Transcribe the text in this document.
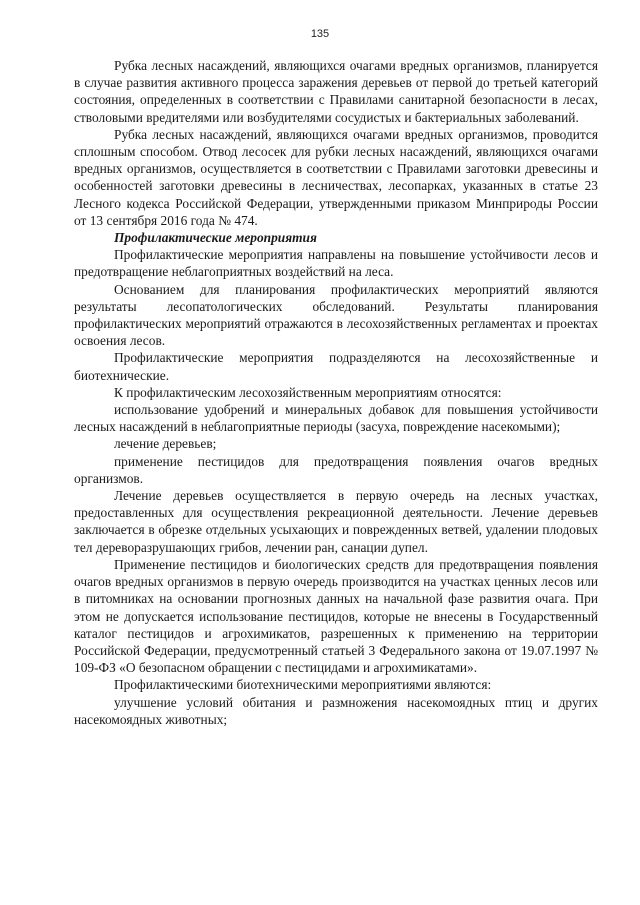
135

Рубка лесных насаждений, являющихся очагами вредных организмов, планируется в случае развития активного процесса заражения деревьев от первой до третьей категорий состояния, определенных в соответствии с Правилами санитарной безопасности в лесах, стволовыми вредителями или возбудителями сосудистых и бактериальных заболеваний.

Рубка лесных насаждений, являющихся очагами вредных организмов, проводится сплошным способом. Отвод лесосек для рубки лесных насаждений, являющихся очагами вредных организмов, осуществляется в соответствии с Правилами заготовки древесины и особенностей заготовки древесины в лесничествах, лесопарках, указанных в статье 23 Лесного кодекса Российской Федерации, утвержденными приказом Минприроды России от 13 сентября 2016 года № 474.

Профилактические мероприятия

Профилактические мероприятия направлены на повышение устойчивости лесов и предотвращение неблагоприятных воздействий на леса.

Основанием для планирования профилактических мероприятий являются результаты лесопатологических обследований. Результаты планирования профилактических мероприятий отражаются в лесохозяйственных регламентах и проектах освоения лесов.

Профилактические мероприятия подразделяются на лесохозяйственные и биотехнические.

К профилактическим лесохозяйственным мероприятиям относятся:

использование удобрений и минеральных добавок для повышения устойчивости лесных насаждений в неблагоприятные периоды (засуха, повреждение насекомыми);

лечение деревьев;

применение пестицидов для предотвращения появления очагов вредных организмов.

Лечение деревьев осуществляется в первую очередь на лесных участках, предоставленных для осуществления рекреационной деятельности. Лечение деревьев заключается в обрезке отдельных усыхающих и поврежденных ветвей, удалении плодовых тел дереворазрушающих грибов, лечении ран, санации дупел.

Применение пестицидов и биологических средств для предотвращения появления очагов вредных организмов в первую очередь производится на участках ценных лесов или в питомниках на основании прогнозных данных на начальной фазе развития очага. При этом не допускается использование пестицидов, которые не внесены в Государственный каталог пестицидов и агрохимикатов, разрешенных к применению на территории Российской Федерации, предусмотренный статьей 3 Федерального закона от 19.07.1997 № 109-ФЗ «О безопасном обращении с пестицидами и агрохимикатами».

Профилактическими биотехническими мероприятиями являются:

улучшение условий обитания и размножения насекомоядных птиц и других насекомоядных животных;
